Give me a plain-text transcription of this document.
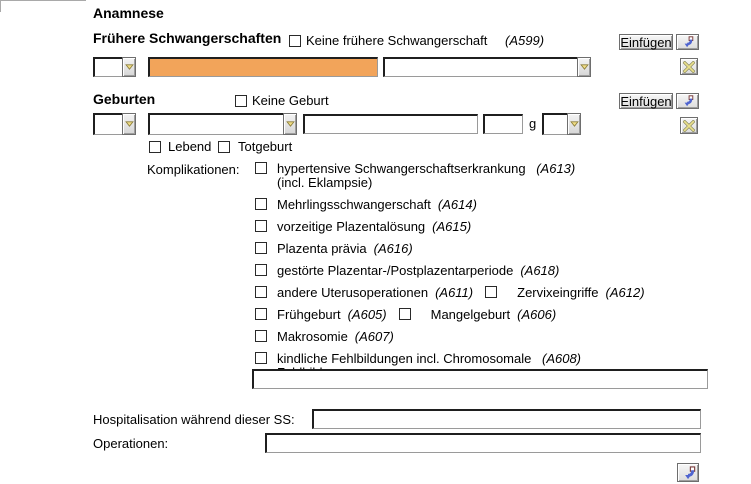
Anamnese
Frühere Schwangerschaften Keine frühere Schwangerschaft (A599)	Einfügen
Geburten	Keine Geburt	Einfügen
g
Lebend Totgeburt
Komplikationen:	hypertensive Schwangerschaftserkrankung (A613)
(incl. Eklampsie)
Mehrlingsschwangerschaft (A614)
vorzeitige Plazentalösung (A615)
Plazenta prävia (A616)
gestörte Plazentar-/Postplazentarperiode (A618)
andere Uterusoperationen (A611)	Zervixeingriffe (A612)
Frühgeburt (A605)	Mangelgeburt (A606)
Makrosomie (A607)
kindliche Fehlbildungen incl. Chromosomale (A608)
Hospitalisation während dieser SS:
Operationen:
